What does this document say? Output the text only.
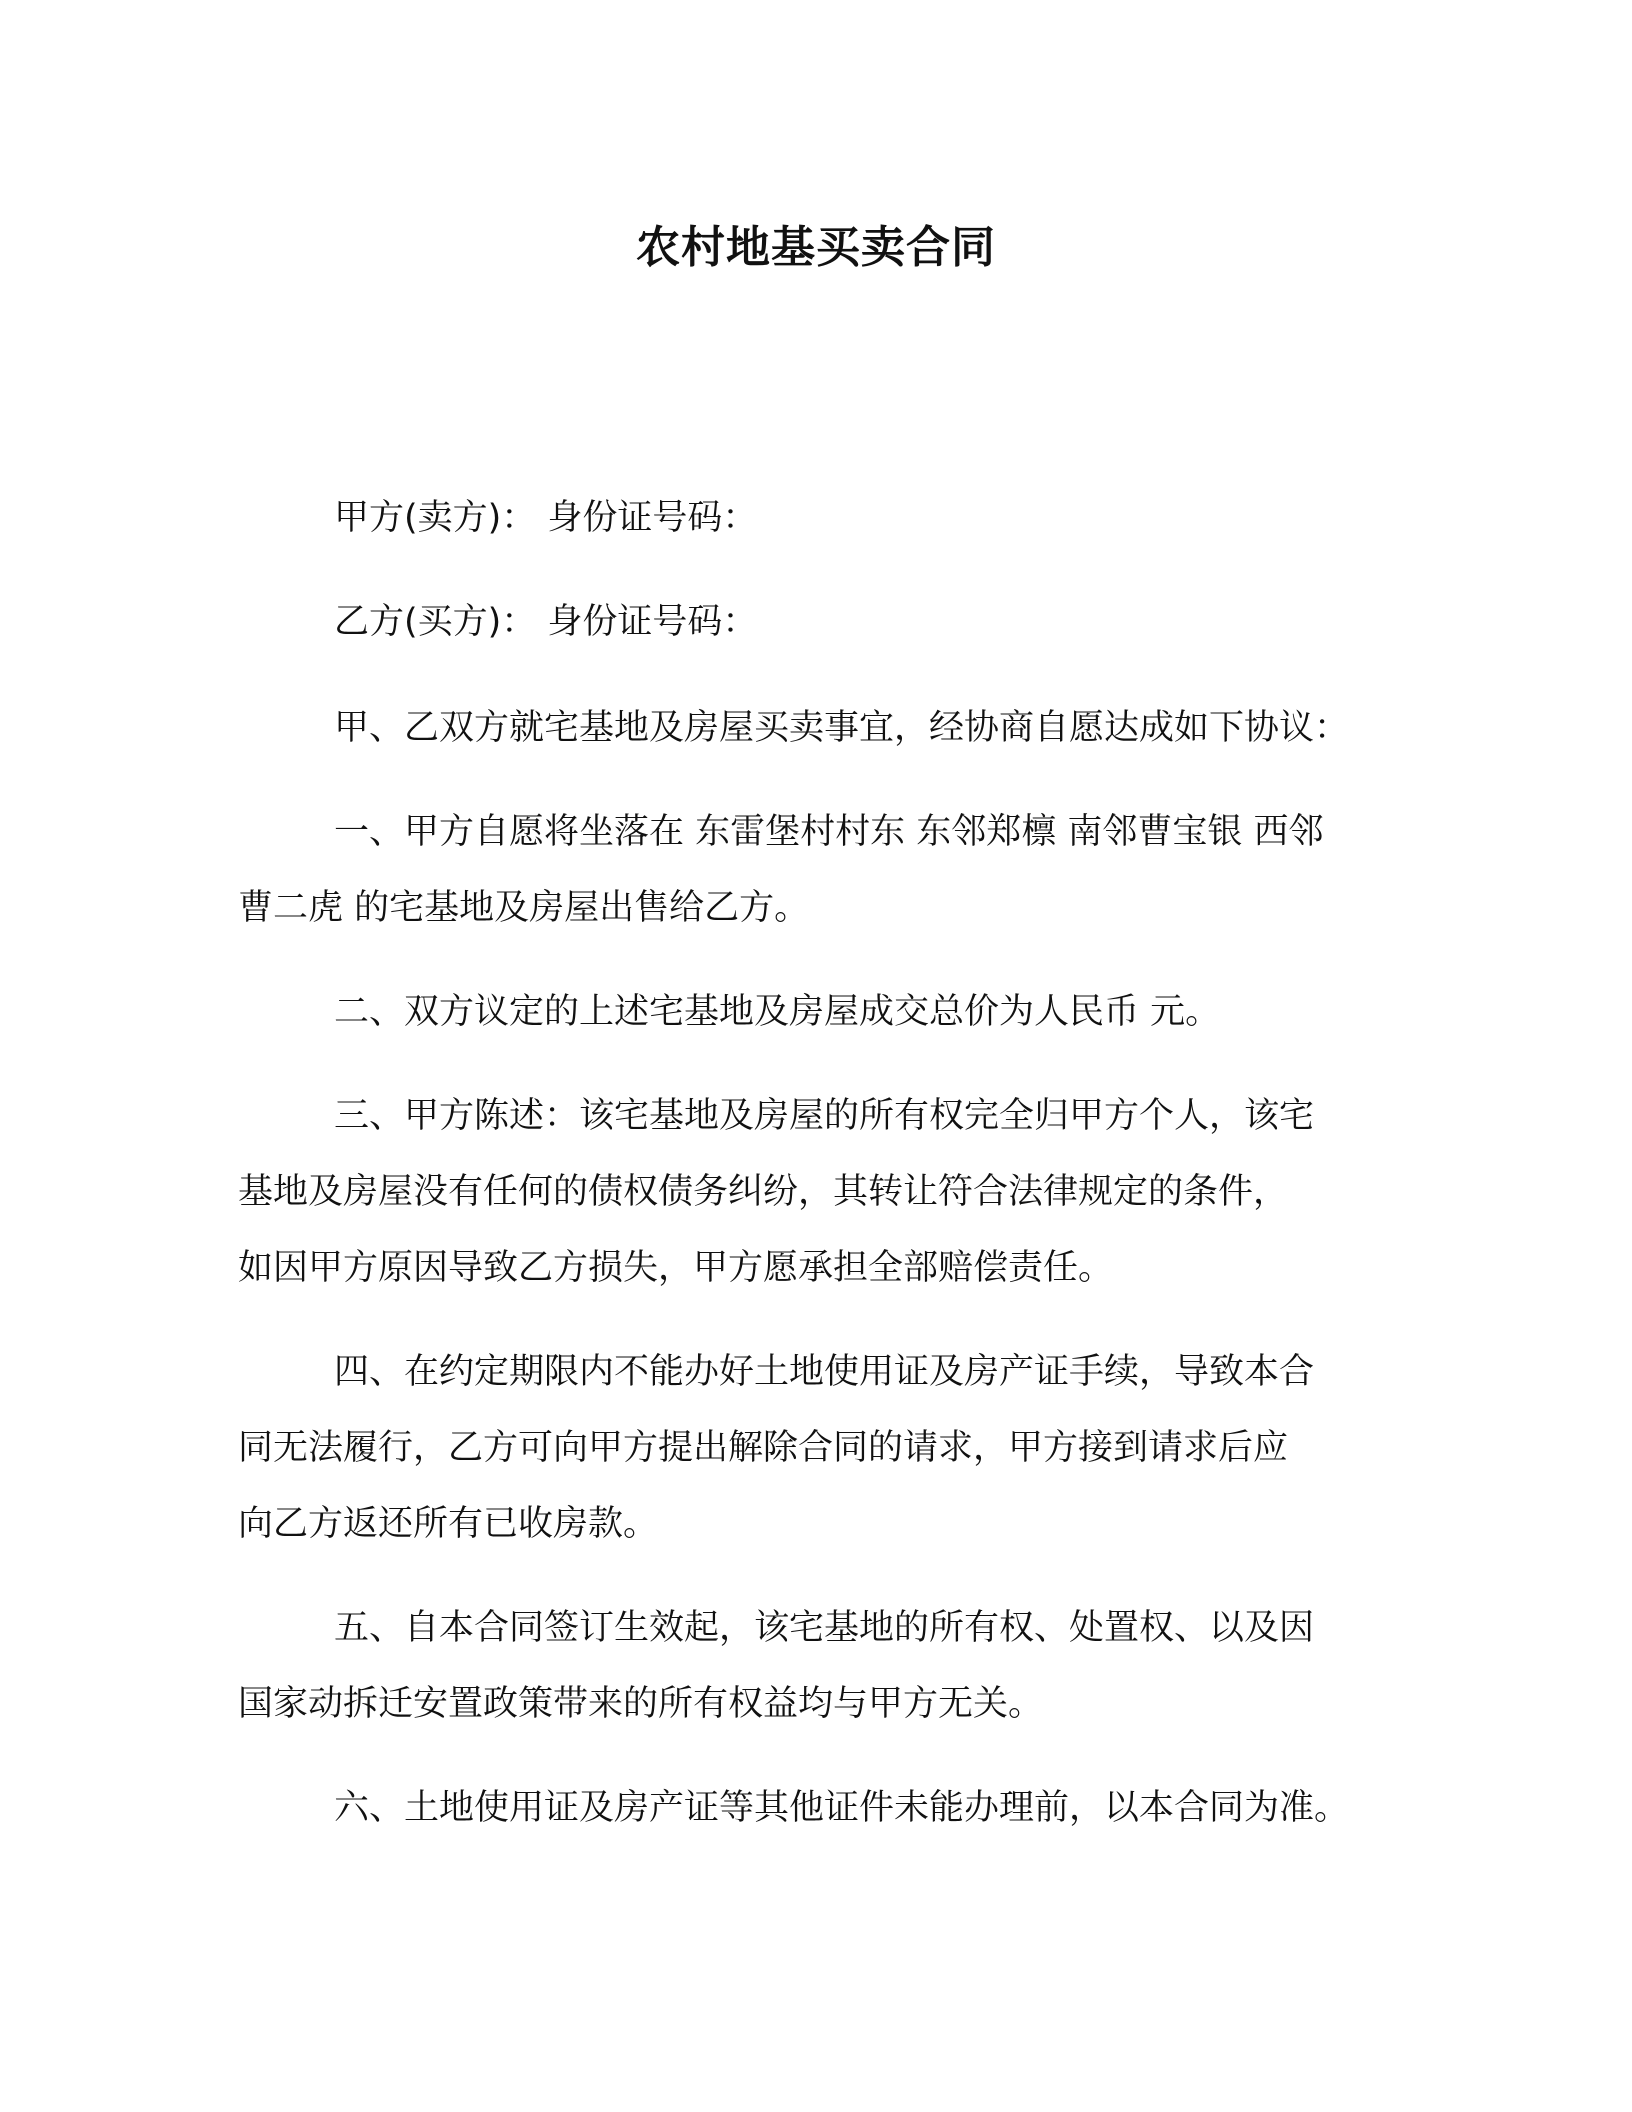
农村地基买卖合同
甲方(卖方)： 身份证号码：
乙方(买方)： 身份证号码：
甲、乙双方就宅基地及房屋买卖事宜，经协商自愿达成如下协议：
一、甲方自愿将坐落在 东雷堡村村东 东邻郑檩 南邻曹宝银 西邻
曹二虎 的宅基地及房屋出售给乙方。
二、双方议定的上述宅基地及房屋成交总价为人民币 元。
三、甲方陈述：该宅基地及房屋的所有权完全归甲方个人，该宅
基地及房屋没有任何的债权债务纠纷，其转让符合法律规定的条件，
如因甲方原因导致乙方损失，甲方愿承担全部赔偿责任。
四、在约定期限内不能办好土地使用证及房产证手续，导致本合
同无法履行，乙方可向甲方提出解除合同的请求，甲方接到请求后应
向乙方返还所有已收房款。
五、自本合同签订生效起，该宅基地的所有权、处置权、以及因
国家动拆迁安置政策带来的所有权益均与甲方无关。
六、土地使用证及房产证等其他证件未能办理前，以本合同为准。
